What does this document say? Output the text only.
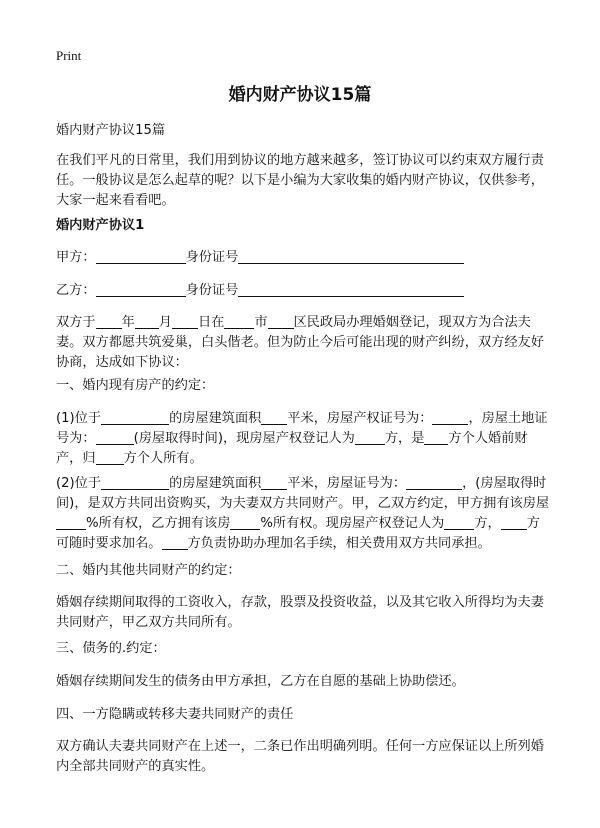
Print
婚内财产协议15篇
婚内财产协议15篇
在我们平凡的日常里，我们用到协议的地方越来越多，签订协议可以约束双方履行责任。一般协议是怎么起草的呢？以下是小编为大家收集的婚内财产协议，仅供参考，大家一起来看看吧。
婚内财产协议1
甲方：	身份证号
乙方：	身份证号
双方于 年 月 日在 市 区民政局办理婚姻登记，现双方为合法夫妻。双方都愿共筑爱巢，白头偕老。但为防止今后可能出现的财产纠纷，双方经友好协商，达成如下协议：
一、婚内现有房产的约定：
(1)位于	的房屋建筑面积 平米，房屋产权证号为：	，房屋土地证号为：	(房屋取得时间)，现房屋产权登记人为 方，是 方个人婚前财产，归 方个人所有。
(2)位于	的房屋建筑面积 平米，房屋证号为：	，(房屋取得时间)，是双方共同出资购买，为夫妻双方共同财产。甲，乙双方约定，甲方拥有该房屋%所有权，乙方拥有该房 %所有权。现房屋产权登记人为 方， 方可随时要求加名。 方负责协助办理加名手续，相关费用双方共同承担。
二、婚内其他共同财产的约定：
婚姻存续期间取得的工资收入，存款，股票及投资收益，以及其它收入所得均为夫妻共同财产，甲乙双方共同所有。
三、债务的.约定：
婚姻存续期间发生的债务由甲方承担，乙方在自愿的基础上协助偿还。
四、一方隐瞒或转移夫妻共同财产的责任
双方确认夫妻共同财产在上述一，二条已作出明确列明。任何一方应保证以上所列婚内全部共同财产的真实性。
